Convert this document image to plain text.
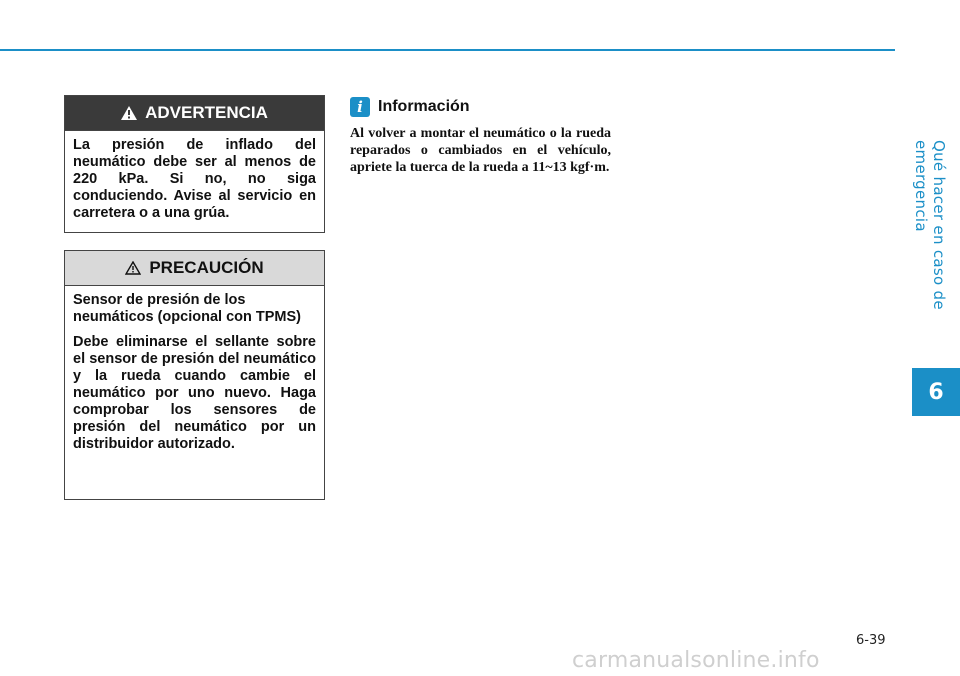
Qué hacer en caso de emergencia
6
ADVERTENCIA

La presión de inflado del neumático debe ser al menos de 220 kPa. Si no, no siga conduciendo. Avise al servicio en carretera o a una grúa.

PRECAUCIÓN

Sensor de presión de los neumáticos (opcional con TPMS)

Debe eliminarse el sellante sobre el sensor de presión del neumático y la rueda cuando cambie el neumático por uno nuevo. Haga comprobar los sensores de presión del neumático por un distribuidor autorizado.

i Información

Al volver a montar el neumático o la rueda reparados o cambiados en el vehículo, apriete la tuerca de la rueda a 11~13 kgf·m.

6-39
carmanualsonline.info
